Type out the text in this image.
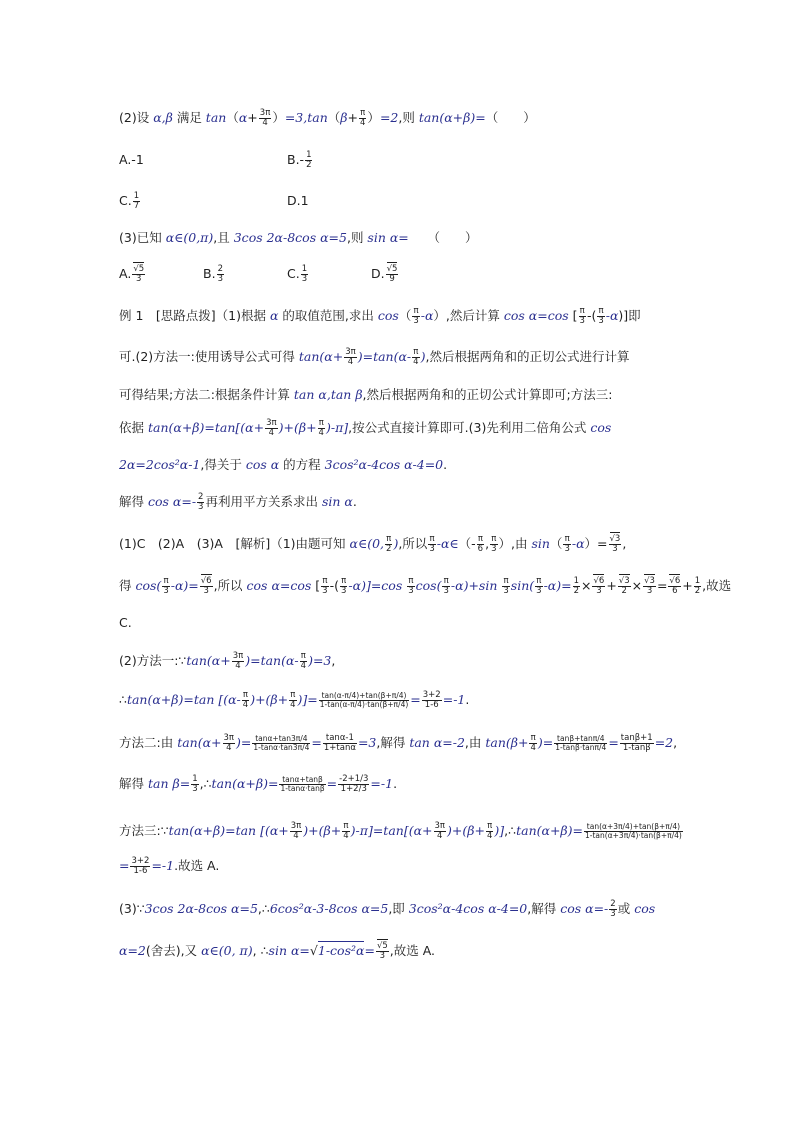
(2)设 α,β 满足 $\tan(\alpha+ \frac{3\pi}{4} )=3,\tan(\beta+ \frac{\pi}{4} )=2$,则 tan(α+β)=（　　）
A.-1	$B.- \frac{1}{2}$
C. $\frac{1}{7}$	D.1
(3)已知 α∈(0,π),且 3cos 2α-8cos α=5,则 sin α=　　（　　）
A. $\frac{√5}{3}$	B. $\frac{2}{3}$	C. $\frac{1}{3}$	D. $\frac{√5}{9}$
例 1　[思路点拨]（1)根据 α 的取值范围,求出 $\cos( \frac{\pi}{3} -\alpha)$,然后计算 cos α=cos [ $\frac{\pi}{3}$ -( $\frac{\pi}{3} -\alpha$)]即
可.(2)方法一:使用诱导公式可得 $\tan(\alpha+ \frac{3\pi}{4} )=\tan(\alpha- \frac{\pi}{4}$ ),然后根据两角和的正切公式进行计算
可得结果;方法二:根据条件计算 tan α,tan β,然后根据两角和的正切公式计算即可;方法三:
依据 $\tan(\alpha+\beta)=\tan[(\alpha+ \frac{3\pi}{4} )+(\beta+ \frac{\pi}{4} )-\pi]$,按公式直接计算即可.(3)先利用二倍角公式 cos
2α=2cos²α-1,得关于 cos α 的方程 3cos²α-4cos α-4=0.
解得 $\cos \alpha=- \frac{2}{3}$ 再利用平方关系求出 sin α.
(1)C　(2)A　(3)A　[解析]（1)由题可知 α∈(0, $\frac{\pi}{2}$ ),所以 $\frac{\pi}{3}$ -α∈（- $\frac{\pi}{6}$ , $\frac{\pi}{3}$ ）,由 $\sin( \frac{\pi}{3} -\alpha)= \frac{√3}{3}$ ,
得 $\cos( \frac{\pi}{3} -\alpha)= \frac{√6}{3}$ ,所以 cos α=cos [ $\frac{\pi}{3}$ -( $\frac{\pi}{3} -\alpha)]=\cos \frac{\pi}{3} \cos( \frac{\pi}{3} -\alpha)+\sin \frac{\pi}{3} \sin( \frac{\pi}{3} -\alpha)= \frac{1}{2} \times \frac{√6}{3} + \frac{√3}{2} \times \frac{√3}{3} = \frac{√6}{6} + \frac{1}{2}$ ,故选
C.
(2)方法一:∵tan(α+ $\frac{3\pi}{4} )=\tan(\alpha- \frac{\pi}{4} )=3$,
∴tan(α+β)=tan [$(\alpha- \frac{\pi}{4} )+(\beta+ \frac{\pi}{4}$ )]= $\frac{\tan(\alpha-\pi/4)+\tan(\beta+\pi/4)}{1-\tan(\alpha-\pi/4)\cdot\tan(\beta+\pi/4)} = \frac{3+2}{1-6} =-1$.
方法二:由 $\tan(\alpha+ \frac{3\pi}{4}$ )= $\frac{\tan\alpha+\tan 3\pi/4}{1-\tan\alpha\cdot\tan 3\pi/4} = \frac{\tan\alpha-1}{1+\tan\alpha} =3$,解得 tan α=-2,由 $\tan(\beta+ \frac{\pi}{4}$ )= $\frac{\tan\beta+\tan\pi/4}{1-\tan\beta\cdot\tan\pi/4} = \frac{\tan\beta+1}{1-\tan\beta} =2$,
解得 $\tan \beta= \frac{1}{3}$ ,∴tan(α+β)= $\frac{\tan\alpha+\tan\beta}{1-\tan\alpha\cdot\tan\beta} = \frac{-2+1/3}{1+2/3} =-1$.
方法三:∵tan(α+β)=tan $[(\alpha+ \frac{3\pi}{4} )+(\beta+ \frac{\pi}{4} )-\pi]=\tan[(\alpha+ \frac{3\pi}{4} )+(\beta+ \frac{\pi}{4}$ )],∴tan(α+β)= $\frac{\tan(\alpha+3\pi/4)+\tan(\beta+\pi/4)}{1-\tan(\alpha+3\pi/4)\cdot\tan(\beta+\pi/4)}$
= $\frac{3+2}{1-6} =-1$.故选 A.
(3)∵3cos 2α-8cos α=5,∴6cos²α-3-8cos α=5,即 3cos²α-4cos α-4=0,解得 $\cos \alpha=- \frac{2}{3}$ 或 cos
α=2(舍去),又 α∈(0, π), ∴sin $\alpha=√1-\cos^2\alpha= \frac{√5}{3}$ ,故选 A.
